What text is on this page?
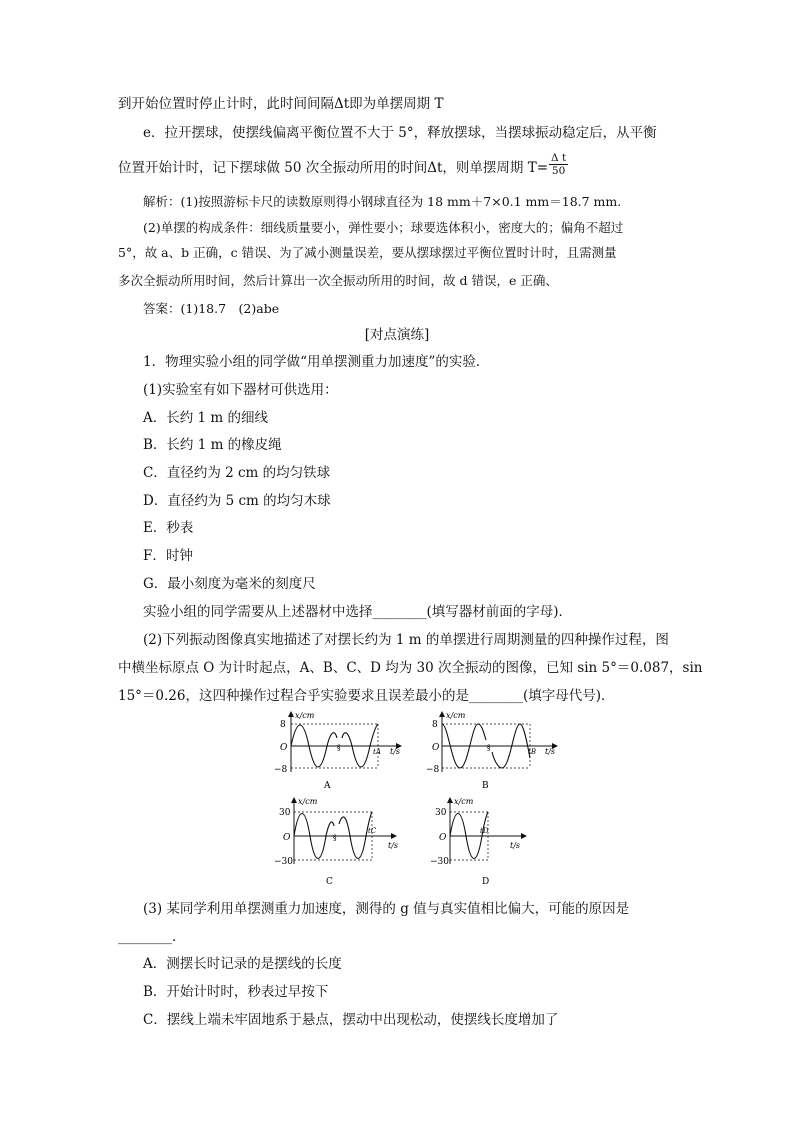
到开始位置时停止计时，此时间间隔Δt即为单摆周期 T
e．拉开摆球，使摆线偏离平衡位置不大于 5°，释放摆球，当摆球振动稳定后，从平衡
位置开始计时，记下摆球做 50 次全振动所用的时间Δt，则单摆周期 $T= \frac{\text{Δ t}}{50}$
解析：(1)按照游标卡尺的读数原则得小钢球直径为 18 mm＋7×0.1 mm＝18.7 mm.
(2)单摆的构成条件：细线质量要小，弹性要小；球要选体积小，密度大的；偏角不超过
5°，故 a、b 正确，c 错误、为了减小测量误差，要从摆球摆过平衡位置时计时，且需测量
多次全振动所用时间，然后计算出一次全振动所用的时间，故 d 错误，e 正确、
答案：(1)18.7　(2)abe
[对点演练]
1．物理实验小组的同学做“用单摆测重力加速度”的实验．
(1)实验室有如下器材可供选用：
A．长约 1 m 的细线
B．长约 1 m 的橡皮绳
C．直径约为 2 cm 的均匀铁球
D．直径约为 5 cm 的均匀木球
E．秒表
F．时钟
G．最小刻度为毫米的刻度尺
实验小组的同学需要从上述器材中选择________(填写器材前面的字母)．
(2)下列振动图像真实地描述了对摆长约为 1 m 的单摆进行周期测量的四种操作过程，图
中横坐标原点 O 为计时起点，A、B、C、D 均为 30 次全振动的图像，已知 sin 5°＝0.087，sin
15°＝0.26，这四种操作过程合乎实验要求且误差最小的是________(填字母代号)．
§
x/cm
8
O
−8
tA t/s
A
§
x/cm
8
O
−8
tB t/s
B
§
x/cm
30
O
−30
tC
t/s
C
x/cm
30
O
−30
tD
t/s
D
(3) 某同学利用单摆测重力加速度，测得的 g 值与真实值相比偏大，可能的原因是
________．
A．测摆长时记录的是摆线的长度
B．开始计时时，秒表过早按下
C．摆线上端未牢固地系于悬点，摆动中出现松动，使摆线长度增加了
